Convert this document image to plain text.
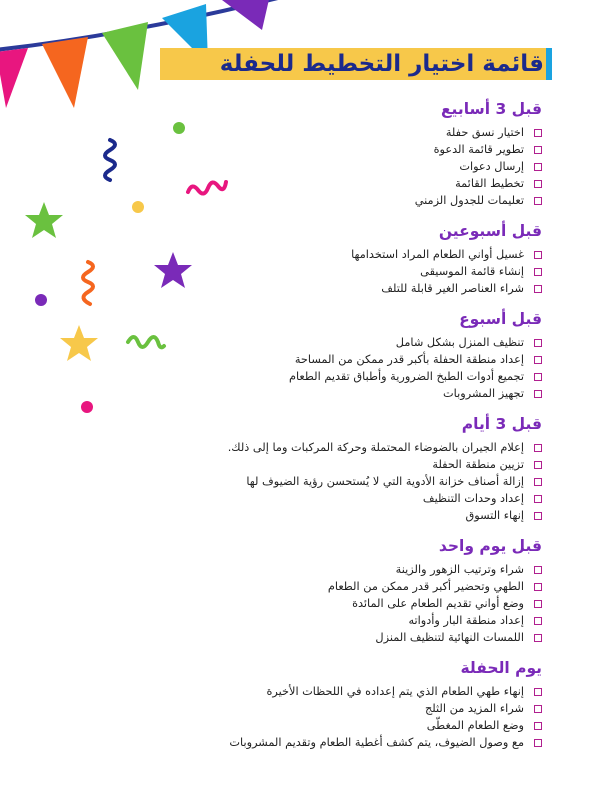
قائمة اختيار التخطيط للحفلة
قبل 3 أسابيع
اختيار نسق حفلة
تطوير قائمة الدعوة
إرسال دعوات
تخطيط القائمة
تعليمات للجدول الزمني
قبل أسبوعين
غسيل أواني الطعام المراد استخدامها
إنشاء قائمة الموسيقى
شراء العناصر الغير قابلة للتلف
قبل أسبوع
تنظيف المنزل بشكل شامل
إعداد منطقة الحفلة بأكبر قدر ممكن من المساحة
تجميع أدوات الطبخ الضرورية وأطباق تقديم الطعام
تجهيز المشروبات
قبل 3 أيام
إعلام الجيران بالضوضاء المحتملة وحركة المركبات وما إلى ذلك.
تزيين منطقة الحفلة
إزالة أصناف خزانة الأدوية التي لا يُستحسن رؤية الضيوف لها
إعداد وحدات التنظيف
إنهاء التسوق
قبل يوم واحد
شراء وترتيب الزهور والزينة
الطهي وتحضير أكبر قدر ممكن من الطعام
وضع أواني تقديم الطعام على المائدة
إعداد منطقة البار وأدواته
اللمسات النهائية لتنظيف المنزل
يوم الحفلة
إنهاء طهي الطعام الذي يتم إعداده في اللحظات الأخيرة
شراء المزيد من الثلج
وضع الطعام المغطّى
مع وصول الضيوف، يتم كشف أغطية الطعام وتقديم المشروبات
